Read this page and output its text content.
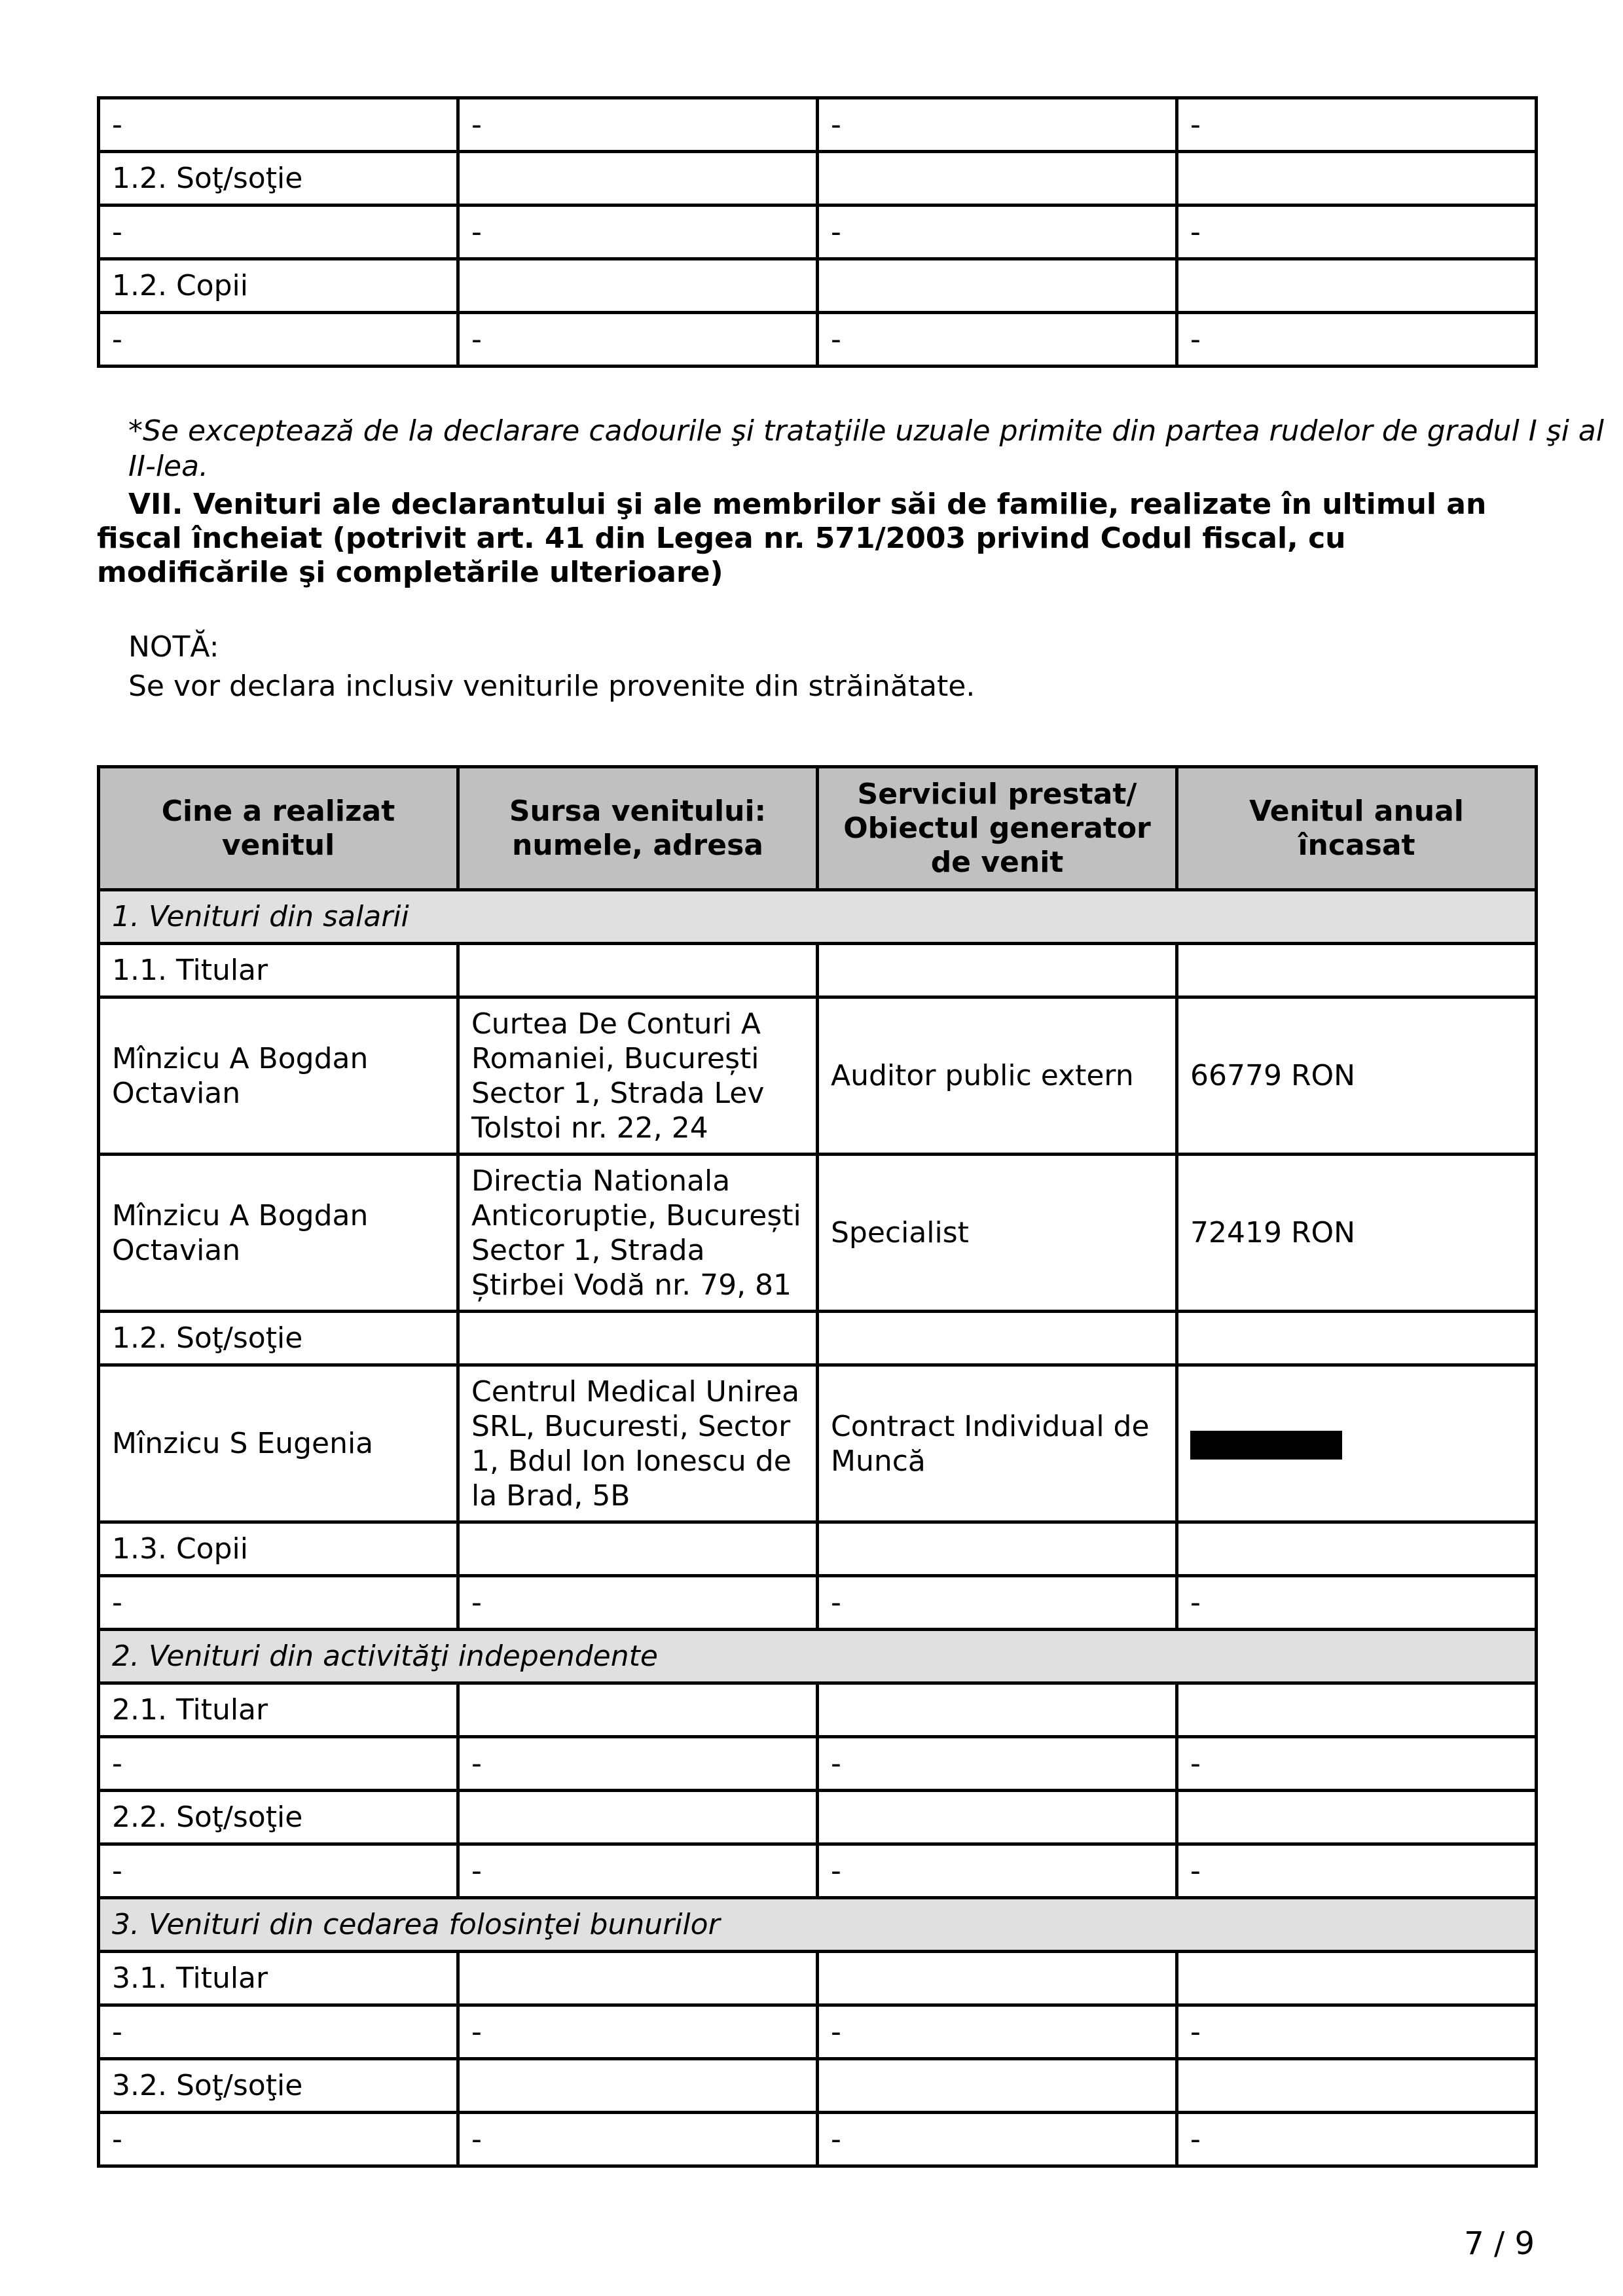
-	-	-	-
1.2. Soţ/soţie			
-	-	-	-
1.2. Copii			
-	-	-	-

*Se exceptează de la declarare cadourile şi trataţiile uzuale primite din partea rudelor de gradul I şi al II-lea.

VII. Venituri ale declarantului şi ale membrilor săi de familie, realizate în ultimul an fiscal încheiat (potrivit art. 41 din Legea nr. 571/2003 privind Codul fiscal, cu modificările şi completările ulterioare)

NOTĂ:

Se vor declara inclusiv veniturile provenite din străinătate.

Cine a realizat venitul	Sursa venitului: numele, adresa	Serviciul prestat/ Obiectul generator de venit	Venitul anual încasat
1. Venituri din salarii			
1.1. Titular			
Mînzicu A Bogdan Octavian	Curtea De Conturi A Romaniei, București Sector 1, Strada Lev Tolstoi nr. 22, 24	Auditor public extern	66779 RON
Mînzicu A Bogdan Octavian	Directia Nationala Anticoruptie, București Sector 1, Strada Știrbei Vodă nr. 79, 81	Specialist	72419 RON
1.2. Soţ/soţie			
Mînzicu S Eugenia	Centrul Medical Unirea SRL, Bucuresti, Sector 1, Bdul Ion Ionescu de la Brad, 5B	Contract Individual de Muncă	
1.3. Copii			
-	-	-	-
2. Venituri din activităţi independente			
2.1. Titular			
-	-	-	-
2.2. Soţ/soţie			
-	-	-	-
3. Venituri din cedarea folosinţei bunurilor			
3.1. Titular			
-	-	-	-
3.2. Soţ/soţie			
-	-	-	-
7 / 9
